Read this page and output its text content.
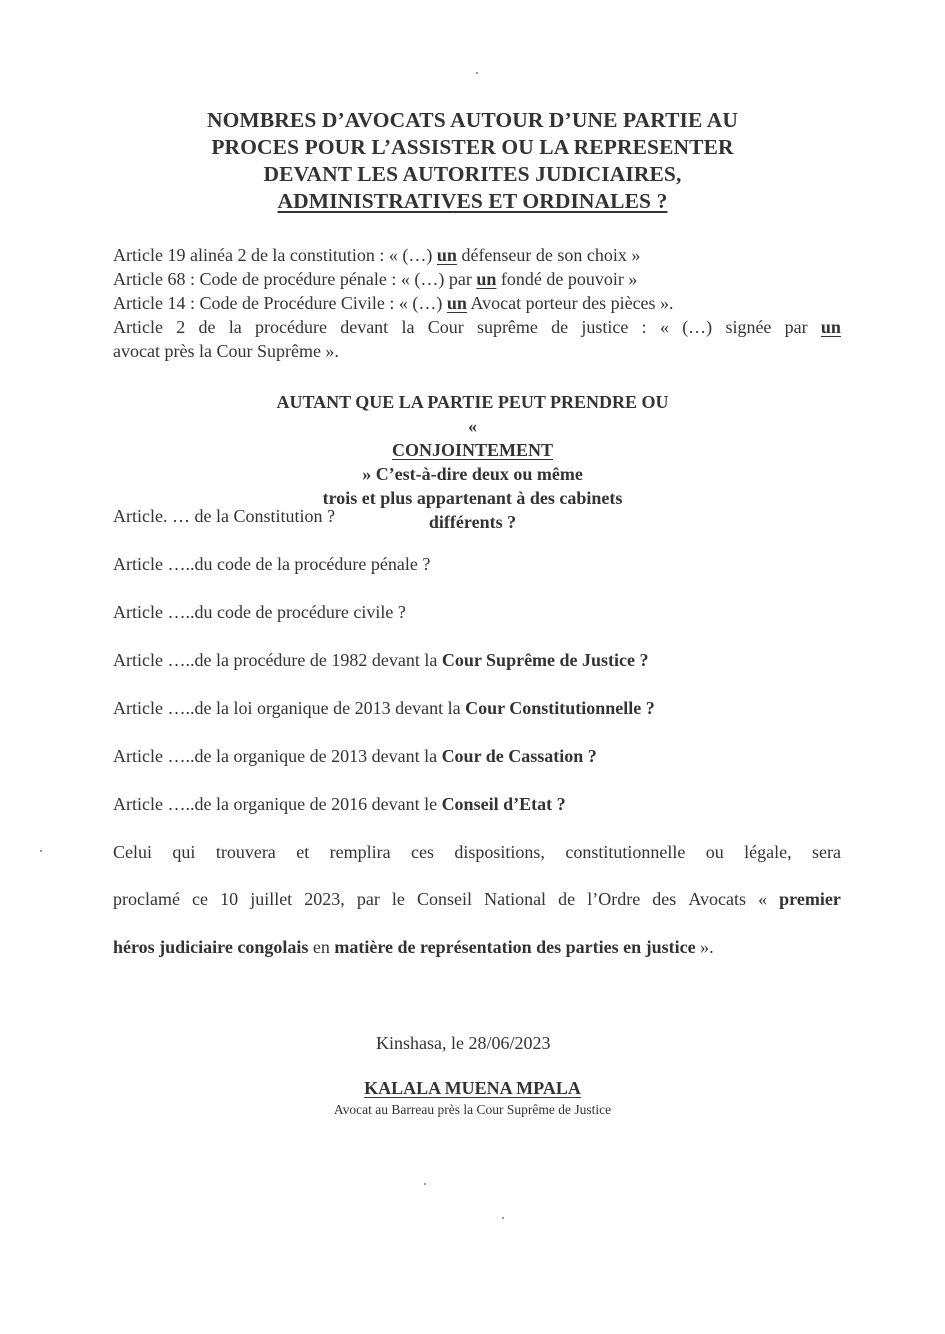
NOMBRES D’AVOCATS AUTOUR D’UNE PARTIE AU
PROCES POUR L’ASSISTER OU LA REPRESENTER
DEVANT LES AUTORITES JUDICIAIRES,
ADMINISTRATIVES ET ORDINALES ?
Article 19 alinéa 2 de la constitution : « (…) un défenseur de son choix »
Article 68 : Code de procédure pénale : « (…) par un fondé de pouvoir »
Article 14 : Code de Procédure Civile : « (…) un Avocat porteur des pièces ».
Article 2 de la procédure devant la Cour suprême de justice : « (…) signée par un
avocat près la Cour Suprême ».
AUTANT QUE LA PARTIE PEUT PRENDRE OU
«
CONJOINTEMENT
» C’est-à-dire deux ou même
trois et plus appartenant à des cabinets
différents ?
Article. … de la Constitution ?
Article …..du code de la procédure pénale ?
Article …..du code de procédure civile ?
Article …..de la procédure de 1982 devant la Cour Suprême de Justice ?
Article …..de la loi organique de 2013 devant la Cour Constitutionnelle ?
Article …..de la organique de 2013 devant la Cour de Cassation ?
Article …..de la organique de 2016 devant le Conseil d’Etat ?
Celui qui trouvera et remplira ces dispositions, constitutionnelle ou légale, sera
proclamé ce 10 juillet 2023, par le Conseil National de l’Ordre des Avocats « premier
héros judiciaire congolais en matière de représentation des parties en justice ».
Kinshasa, le 28/06/2023
KALALA MUENA MPALA
Avocat au Barreau près la Cour Suprême de Justice
